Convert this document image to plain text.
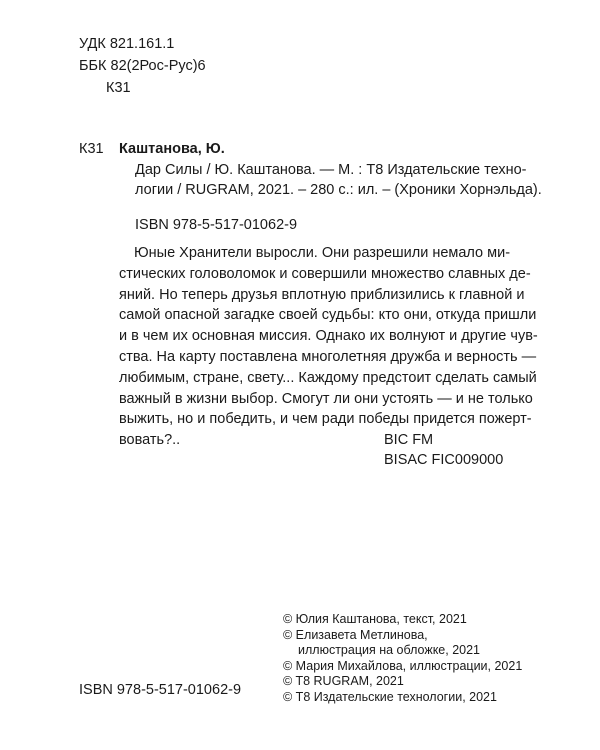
УДК 821.161.1
ББК 82(2Рос-Рус)6
К31
К31 Каштанова, Ю.
Дар Силы / Ю. Каштанова. — М. : Т8 Издательские техно-
логии / RUGRAM, 2021. – 280 с.: ил. – (Хроники Хорнэльда).
ISBN 978-5-517-01062-9
Юные Хранители выросли. Они разрешили немало ми-
стических головоломок и совершили множество славных де-
яний. Но теперь друзья вплотную приблизились к главной и
самой опасной загадке своей судьбы: кто они, откуда пришли
и в чем их основная миссия. Однако их волнуют и другие чув-
ства. На карту поставлена многолетняя дружба и верность —
любимым, стране, свету... Каждому предстоит сделать самый
важный в жизни выбор. Смогут ли они устоять — и не только
выжить, но и победить, и чем ради победы придется пожерт-
вовать?..	BIC FM
BISAC FIC009000
© Юлия Каштанова, текст, 2021
© Елизавета Метлинова,
иллюстрация на обложке, 2021
© Мария Михайлова, иллюстрации, 2021
© T8 RUGRAM, 2021
© Т8 Издательские технологии, 2021
ISBN 978-5-517-01062-9
